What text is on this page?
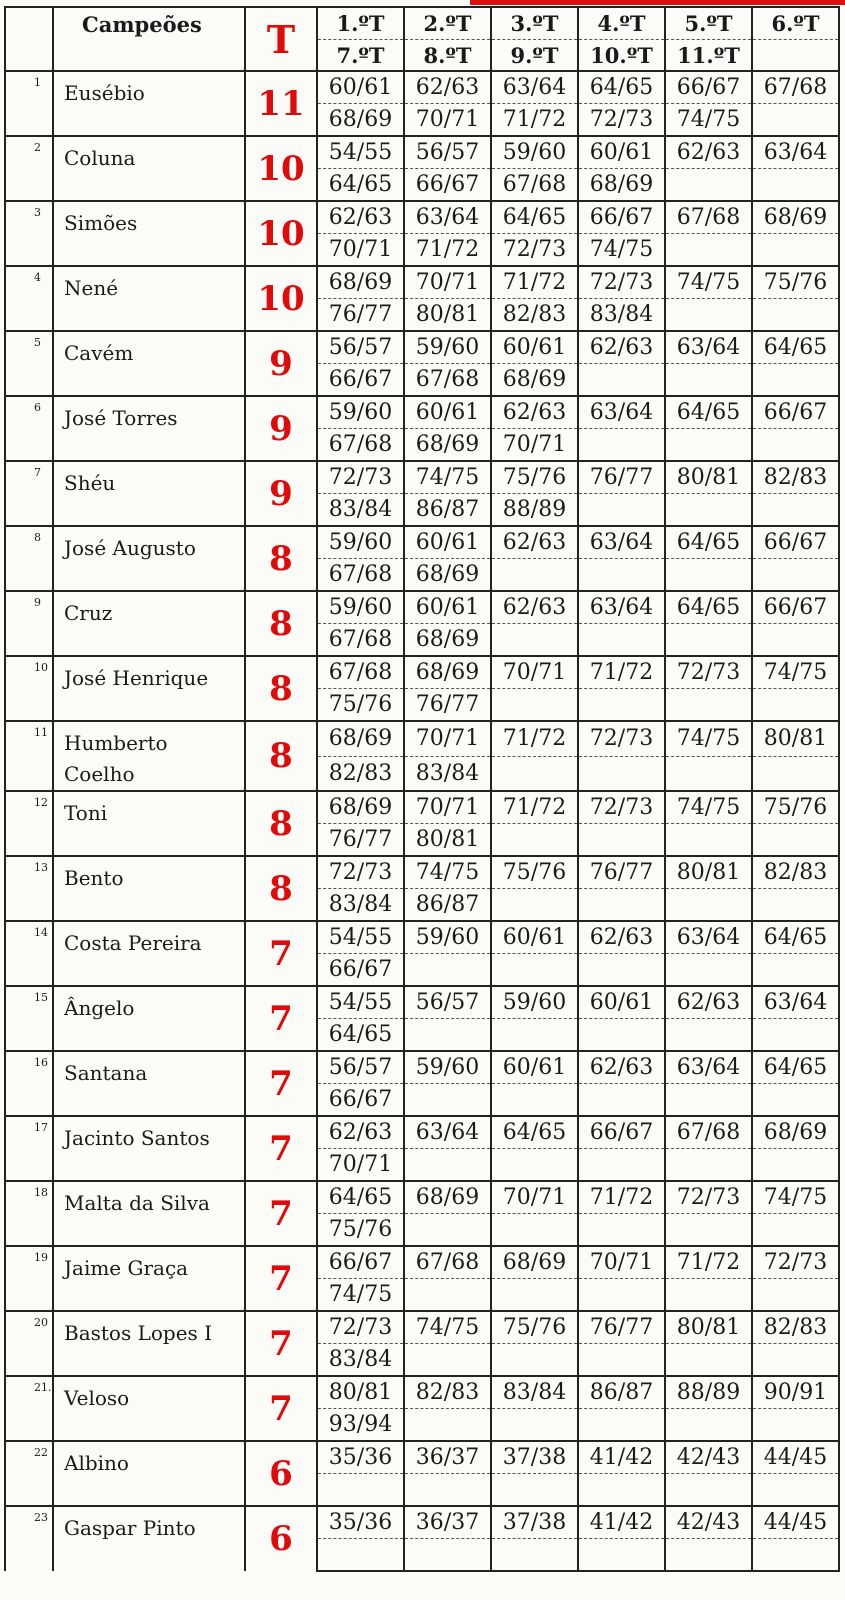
	Campeões	T	1.ºT	2.ºT	3.ºT	4.ºT	5.ºT	6.ºT
			7.ºT	8.ºT	9.ºT	10.ºT	11.ºT	
1	Eusébio	11	60/61	62/63	63/64	64/65	66/67	67/68
			68/69	70/71	71/72	72/73	74/75	
2	Coluna	10	54/55	56/57	59/60	60/61	62/63	63/64
			64/65	66/67	67/68	68/69		
3	Simões	10	62/63	63/64	64/65	66/67	67/68	68/69
			70/71	71/72	72/73	74/75		
4	Nené	10	68/69	70/71	71/72	72/73	74/75	75/76
			76/77	80/81	82/83	83/84		
5	Cavém	9	56/57	59/60	60/61	62/63	63/64	64/65
			66/67	67/68	68/69			
6	José Torres	9	59/60	60/61	62/63	63/64	64/65	66/67
			67/68	68/69	70/71			
7	Shéu	9	72/73	74/75	75/76	76/77	80/81	82/83
			83/84	86/87	88/89			
8	José Augusto	8	59/60	60/61	62/63	63/64	64/65	66/67
			67/68	68/69				
9	Cruz	8	59/60	60/61	62/63	63/64	64/65	66/67
			67/68	68/69				
10	José Henrique	8	67/68	68/69	70/71	71/72	72/73	74/75
			75/76	76/77				
11	Humberto Coelho	8	68/69	70/71	71/72	72/73	74/75	80/81
			82/83	83/84				
12	Toni	8	68/69	70/71	71/72	72/73	74/75	75/76
			76/77	80/81				
13	Bento	8	72/73	74/75	75/76	76/77	80/81	82/83
			83/84	86/87				
14	Costa Pereira	7	54/55	59/60	60/61	62/63	63/64	64/65
			66/67					
15	Ângelo	7	54/55	56/57	59/60	60/61	62/63	63/64
			64/65					
16	Santana	7	56/57	59/60	60/61	62/63	63/64	64/65
			66/67					
17	Jacinto Santos	7	62/63	63/64	64/65	66/67	67/68	68/69
			70/71					
18	Malta da Silva	7	64/65	68/69	70/71	71/72	72/73	74/75
			75/76					
19	Jaime Graça	7	66/67	67/68	68/69	70/71	71/72	72/73
			74/75					
20	Bastos Lopes I	7	72/73	74/75	75/76	76/77	80/81	82/83
			83/84					
21.	Veloso	7	80/81	82/83	83/84	86/87	88/89	90/91
			93/94					
22	Albino	6	35/36	36/37	37/38	41/42	42/43	44/45

23	Gaspar Pinto	6	35/36	36/37	37/38	41/42	42/43	44/45
